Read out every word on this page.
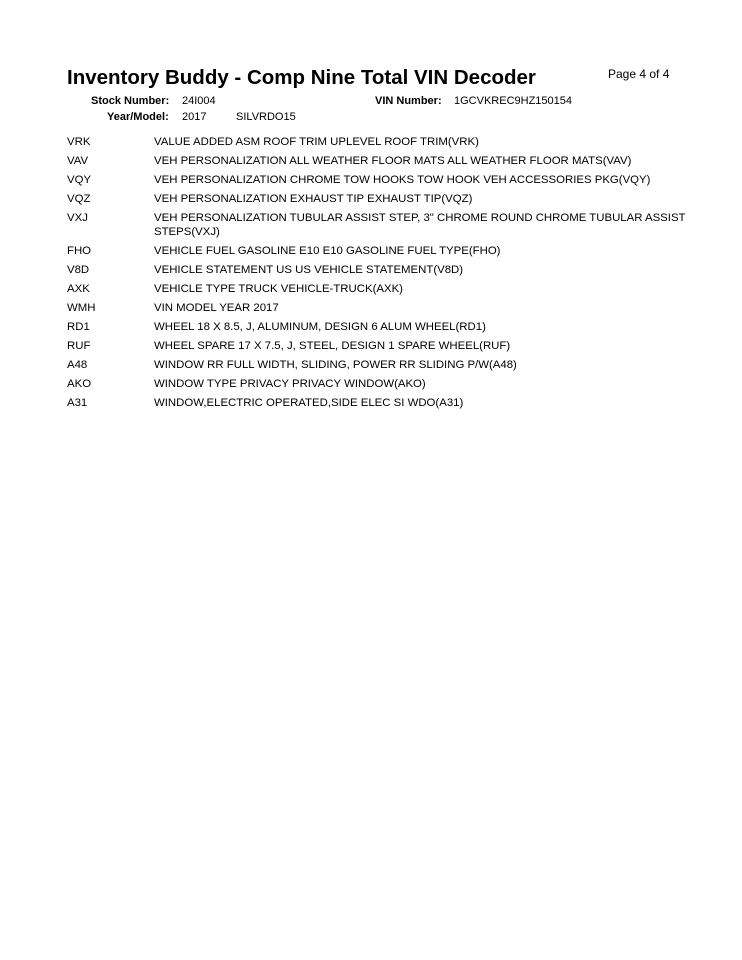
Inventory Buddy - Comp Nine Total VIN Decoder	Page 4 of 4
Stock Number: 24I004	VIN Number: 1GCVKREC9HZ150154
Year/Model: 2017	SILVRDO15
VRK	VALUE ADDED ASM ROOF TRIM UPLEVEL ROOF TRIM(VRK)
VAV	VEH PERSONALIZATION ALL WEATHER FLOOR MATS ALL WEATHER FLOOR MATS(VAV)
VQY	VEH PERSONALIZATION CHROME TOW HOOKS TOW HOOK VEH ACCESSORIES PKG(VQY)
VQZ	VEH PERSONALIZATION EXHAUST TIP EXHAUST TIP(VQZ)
VXJ	VEH PERSONALIZATION TUBULAR ASSIST STEP, 3" CHROME ROUND CHROME TUBULAR ASSIST STEPS(VXJ)
FHO	VEHICLE FUEL GASOLINE E10 E10 GASOLINE FUEL TYPE(FHO)
V8D	VEHICLE STATEMENT US US VEHICLE STATEMENT(V8D)
AXK	VEHICLE TYPE TRUCK VEHICLE-TRUCK(AXK)
WMH	VIN MODEL YEAR 2017
RD1	WHEEL 18 X 8.5, J, ALUMINUM, DESIGN 6 ALUM WHEEL(RD1)
RUF	WHEEL SPARE 17 X 7.5, J, STEEL, DESIGN 1 SPARE WHEEL(RUF)
A48	WINDOW RR FULL WIDTH, SLIDING, POWER RR SLIDING P/W(A48)
AKO	WINDOW TYPE PRIVACY PRIVACY WINDOW(AKO)
A31	WINDOW,ELECTRIC OPERATED,SIDE ELEC SI WDO(A31)
